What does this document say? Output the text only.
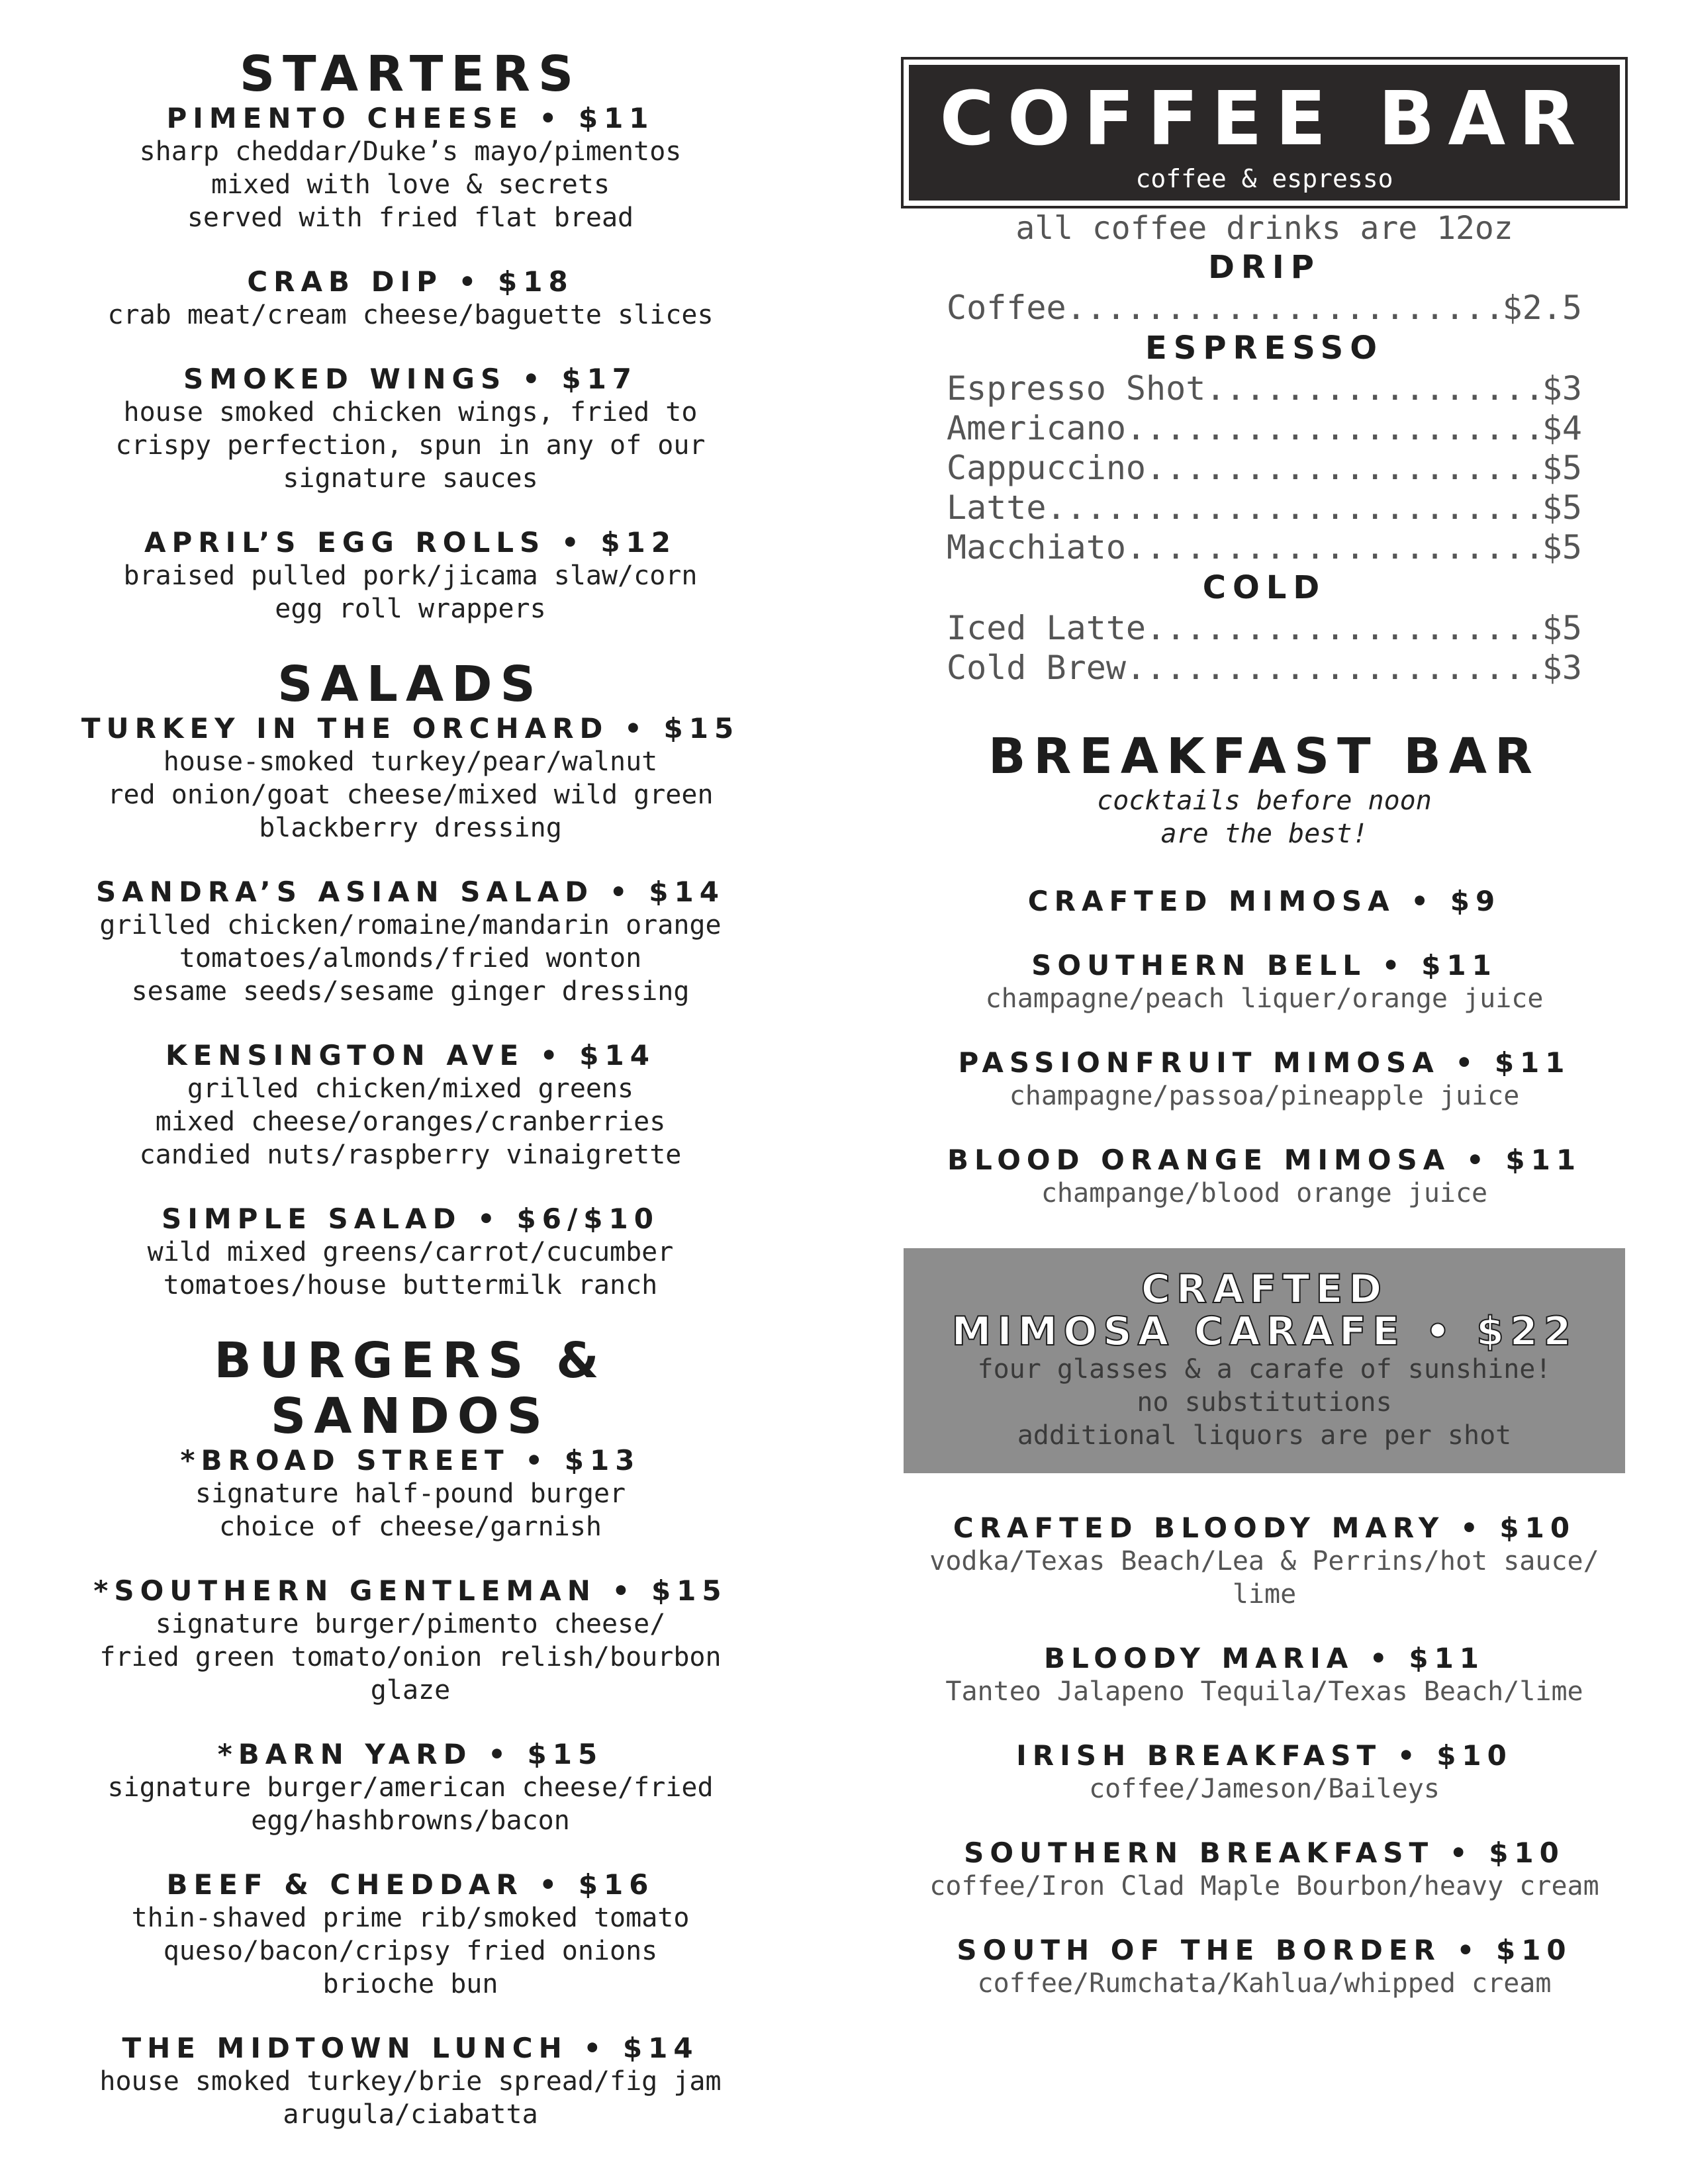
STARTERS
PIMENTO CHEESE • $11
sharp cheddar/Duke’s mayo/pimentos
mixed with love & secrets
served with fried flat bread
CRAB DIP • $18
crab meat/cream cheese/baguette slices
SMOKED WINGS • $17
house smoked chicken wings, fried to
crispy perfection, spun in any of our
signature sauces
APRIL’S EGG ROLLS • $12
braised pulled pork/jicama slaw/corn
egg roll wrappers
SALADS
TURKEY IN THE ORCHARD • $15
house-smoked turkey/pear/walnut
red onion/goat cheese/mixed wild green
blackberry dressing
SANDRA’S ASIAN SALAD • $14
grilled chicken/romaine/mandarin orange
tomatoes/almonds/fried wonton
sesame seeds/sesame ginger dressing
KENSINGTON AVE • $14
grilled chicken/mixed greens
mixed cheese/oranges/cranberries
candied nuts/raspberry vinaigrette
SIMPLE SALAD • $6/$10
wild mixed greens/carrot/cucumber
tomatoes/house buttermilk ranch
BURGERS & SANDOS
*BROAD STREET • $13
signature half-pound burger
choice of cheese/garnish
*SOUTHERN GENTLEMAN • $15
signature burger/pimento cheese/
fried green tomato/onion relish/bourbon
glaze
*BARN YARD • $15
signature burger/american cheese/fried
egg/hashbrowns/bacon
BEEF & CHEDDAR • $16
thin-shaved prime rib/smoked tomato
queso/bacon/cripsy fried onions
brioche bun
THE MIDTOWN LUNCH • $14
house smoked turkey/brie spread/fig jam
arugula/ciabatta
COFFEE BAR
coffee & espresso
all coffee drinks are 12oz
DRIP
Coffee .....	$2.5
ESPRESSO
Espresso Shot .....	$3
Americano .....	$4
Cappuccino .....	$5
Latte .....	$5
Macchiato .....	$5
COLD
Iced Latte .....	$5
Cold Brew .....	$3
BREAKFAST BAR
cocktails before noon
are the best!
CRAFTED MIMOSA • $9
SOUTHERN BELL • $11
champagne/peach liquer/orange juice
PASSIONFRUIT MIMOSA • $11
champagne/passoa/pineapple juice
BLOOD ORANGE MIMOSA • $11
champange/blood orange juice
CRAFTED
MIMOSA CARAFE • $22
four glasses & a carafe of sunshine!
no substitutions
additional liquors are per shot
CRAFTED BLOODY MARY • $10
vodka/Texas Beach/Lea & Perrins/hot sauce/
lime
BLOODY MARIA • $11
Tanteo Jalapeno Tequila/Texas Beach/lime
IRISH BREAKFAST • $10
coffee/Jameson/Baileys
SOUTHERN BREAKFAST • $10
coffee/Iron Clad Maple Bourbon/heavy cream
SOUTH OF THE BORDER • $10
coffee/Rumchata/Kahlua/whipped cream
